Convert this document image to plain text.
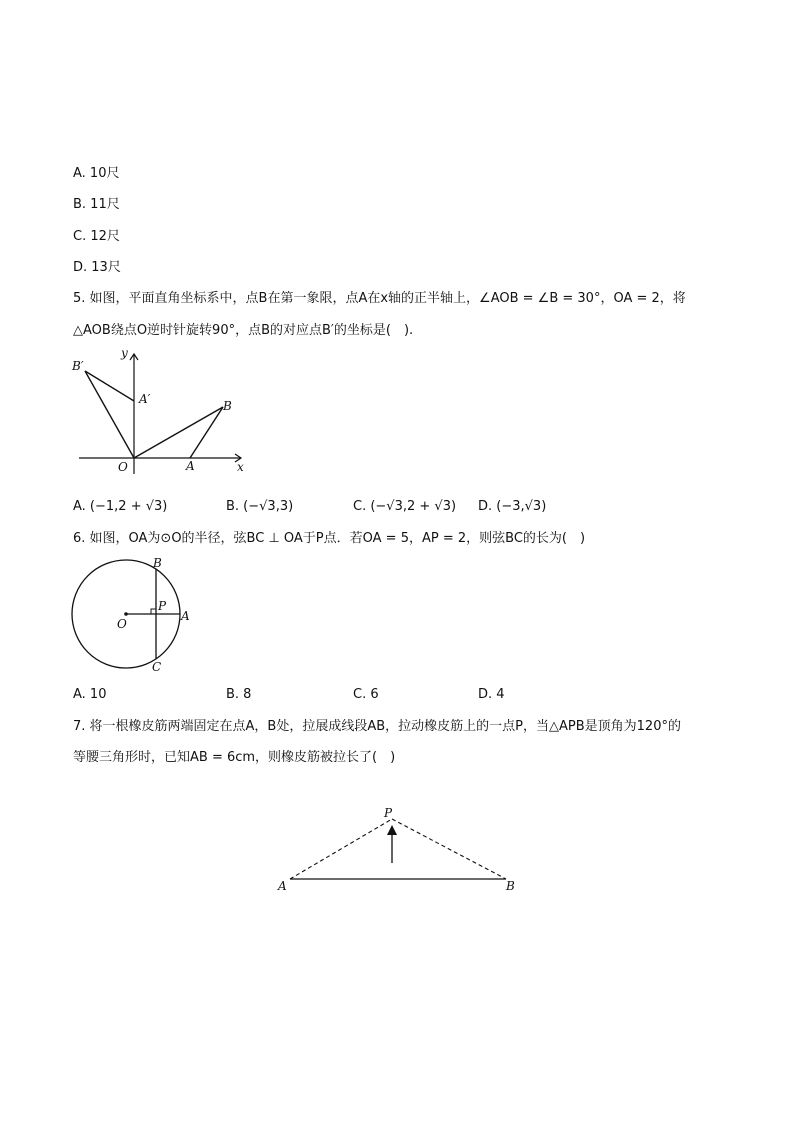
A. 10尺
B. 11尺
C. 12尺
D. 13尺
5. 如图，平面直角坐标系中，点B在第一象限，点A在x轴的正半轴上，∠AOB = ∠B = 30°，OA = 2，将
△AOB绕点O逆时针旋转90°，点B的对应点B′的坐标是(　).
B′
y
A′	B
O	A	x
A. (−1,2 + √3)	B. (−√3,3)	C. (−√3,2 + √3) D. (−3,√3)
6. 如图，OA为⊙O的半径，弦BC ⊥ OA于P点．若OA = 5，AP = 2，则弦BC的长为(　)
B
P
O
A
C
A. 10	B. 8	C. 6	D. 4
7. 将一根橡皮筋两端固定在点A，B处，拉展成线段AB，拉动橡皮筋上的一点P，当△APB是顶角为120°的
等腰三角形时，已知AB = 6cm，则橡皮筋被拉长了(　)
P
A	B
